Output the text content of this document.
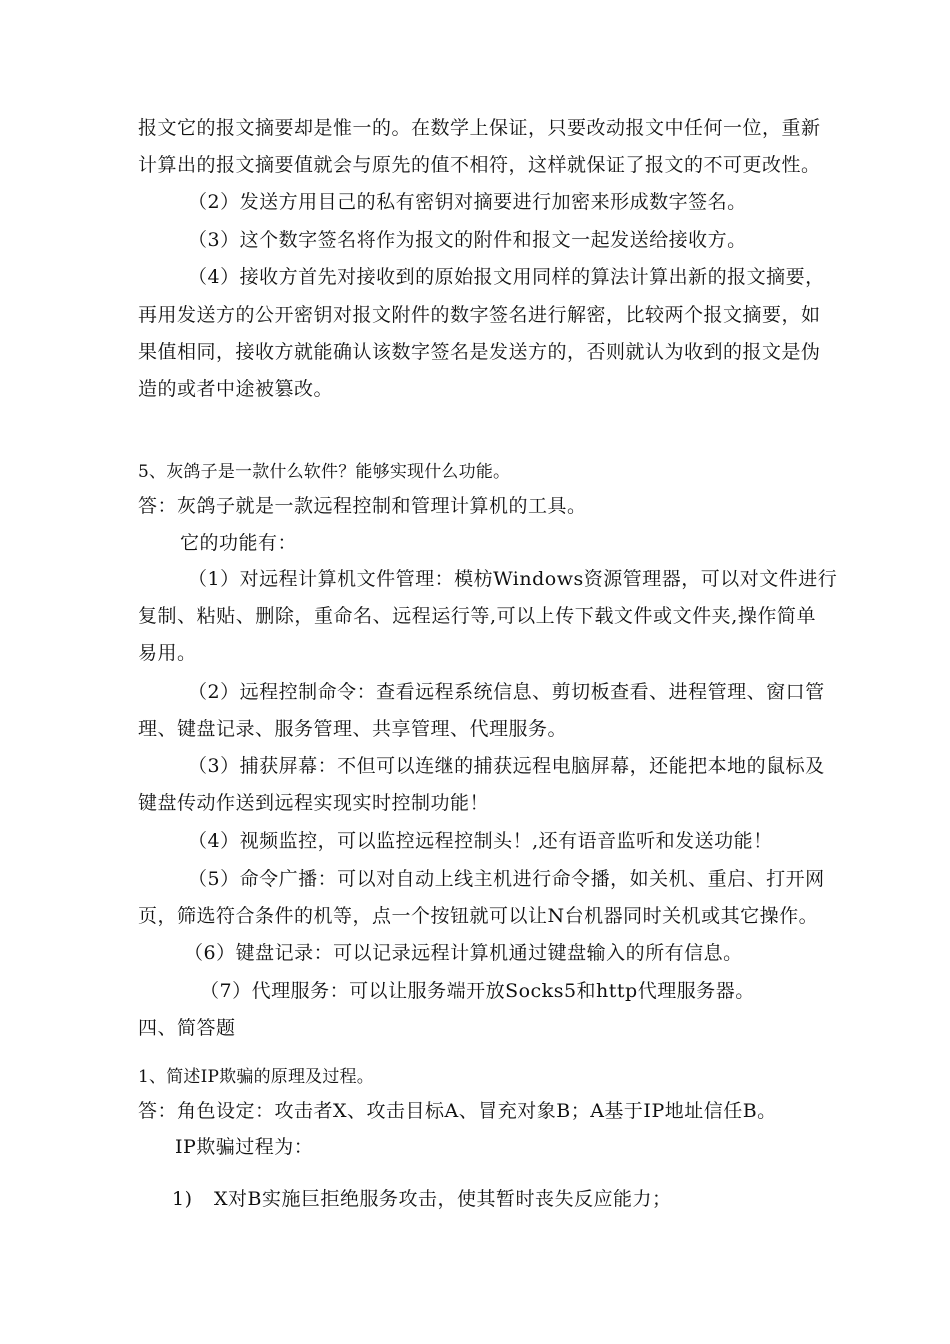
报文它的报文摘要却是惟一的。在数学上保证，只要改动报文中任何一位，重新
计算出的报文摘要值就会与原先的值不相符，这样就保证了报文的不可更改性。
（2）发送方用目己的私有密钥对摘要进行加密来形成数字签名。
（3）这个数字签名将作为报文的附件和报文一起发送给接收方。
（4）接收方首先对接收到的原始报文用同样的算法计算出新的报文摘要，
再用发送方的公开密钥对报文附件的数字签名进行解密，比较两个报文摘要，如
果值相同，接收方就能确认该数字签名是发送方的，否则就认为收到的报文是伪
造的或者中途被篡改。
5、灰鸽子是一款什么软件？能够实现什么功能。
答：灰鸽子就是一款远程控制和管理计算机的工具。
它的功能有：
（1）对远程计算机文件管理：模枋Windows资源管理器，可以对文件进行
复制、粘贴、删除，重命名、远程运行等,可以上传下载文件或文件夹,操作简单
易用。
（2）远程控制命令：查看远程系统信息、剪切板查看、进程管理、窗口管
理、键盘记录、服务管理、共享管理、代理服务。
（3）捕获屏幕：不但可以连继的捕获远程电脑屏幕，还能把本地的鼠标及
键盘传动作送到远程实现实时控制功能！
（4）视频监控，可以监控远程控制头！,还有语音监听和发送功能！
（5）命令广播：可以对自动上线主机进行命令播，如关机、重启、打开网
页，筛选符合条件的机等，点一个按钮就可以让N台机器同时关机或其它操作。
（6）键盘记录：可以记录远程计算机通过键盘输入的所有信息。
（7）代理服务：可以让服务端开放Socks5和http代理服务器。
四、简答题
1、简述IP欺骗的原理及过程。
答：角色设定：攻击者X、攻击目标A、冒充对象B；A基于IP地址信任B。
IP欺骗过程为：
1) X对B实施巨拒绝服务攻击，使其暂时丧失反应能力；
